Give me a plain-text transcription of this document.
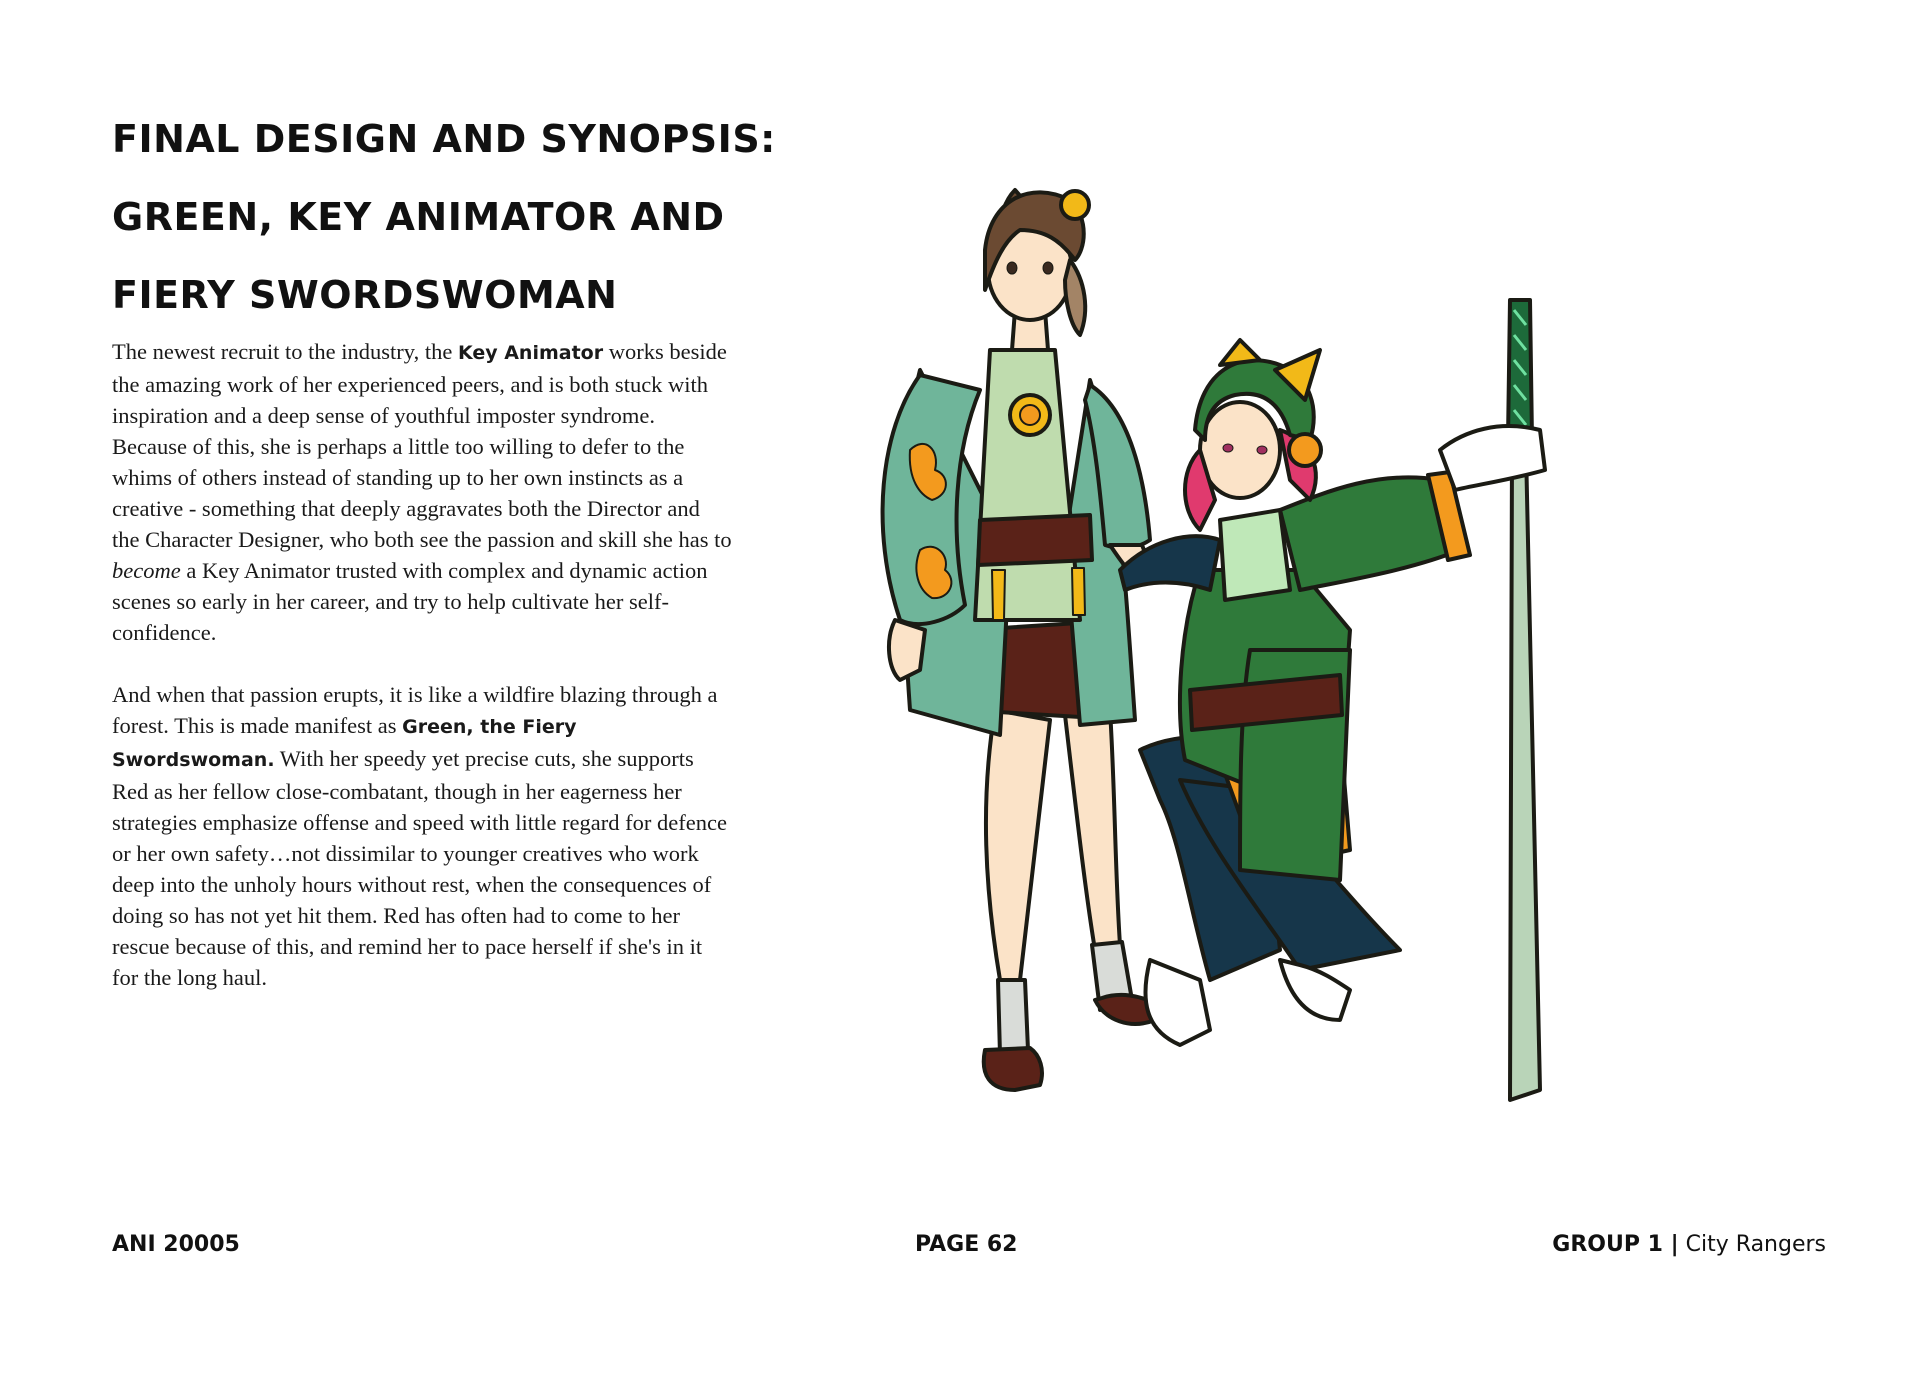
FINAL DESIGN AND SYNOPSIS:
GREEN, KEY ANIMATOR AND
FIERY SWORDSWOMAN

The newest recruit to the industry, the Key Animator works beside the amazing work of her experienced peers, and is both stuck with inspiration and a deep sense of youthful imposter syndrome. Because of this, she is perhaps a little too willing to defer to the whims of others instead of standing up to her own instincts as a creative - something that deeply aggravates both the Director and the Character Designer, who both see the passion and skill she has to become a Key Animator trusted with complex and dynamic action scenes so early in her career, and try to help cultivate her self-confidence.

And when that passion erupts, it is like a wildfire blazing through a forest. This is made manifest as Green, the Fiery Swordswoman. With her speedy yet precise cuts, she supports Red as her fellow close-combatant, though in her eagerness her strategies emphasize offense and speed with little regard for defence or her own safety…not dissimilar to younger creatives who work deep into the unholy hours without rest, when the consequences of doing so has not yet hit them. Red has often had to come to her rescue because of this, and remind her to pace herself if she's in it for the long haul.

ANI 20005	PAGE 62	GROUP 1 | City Rangers
